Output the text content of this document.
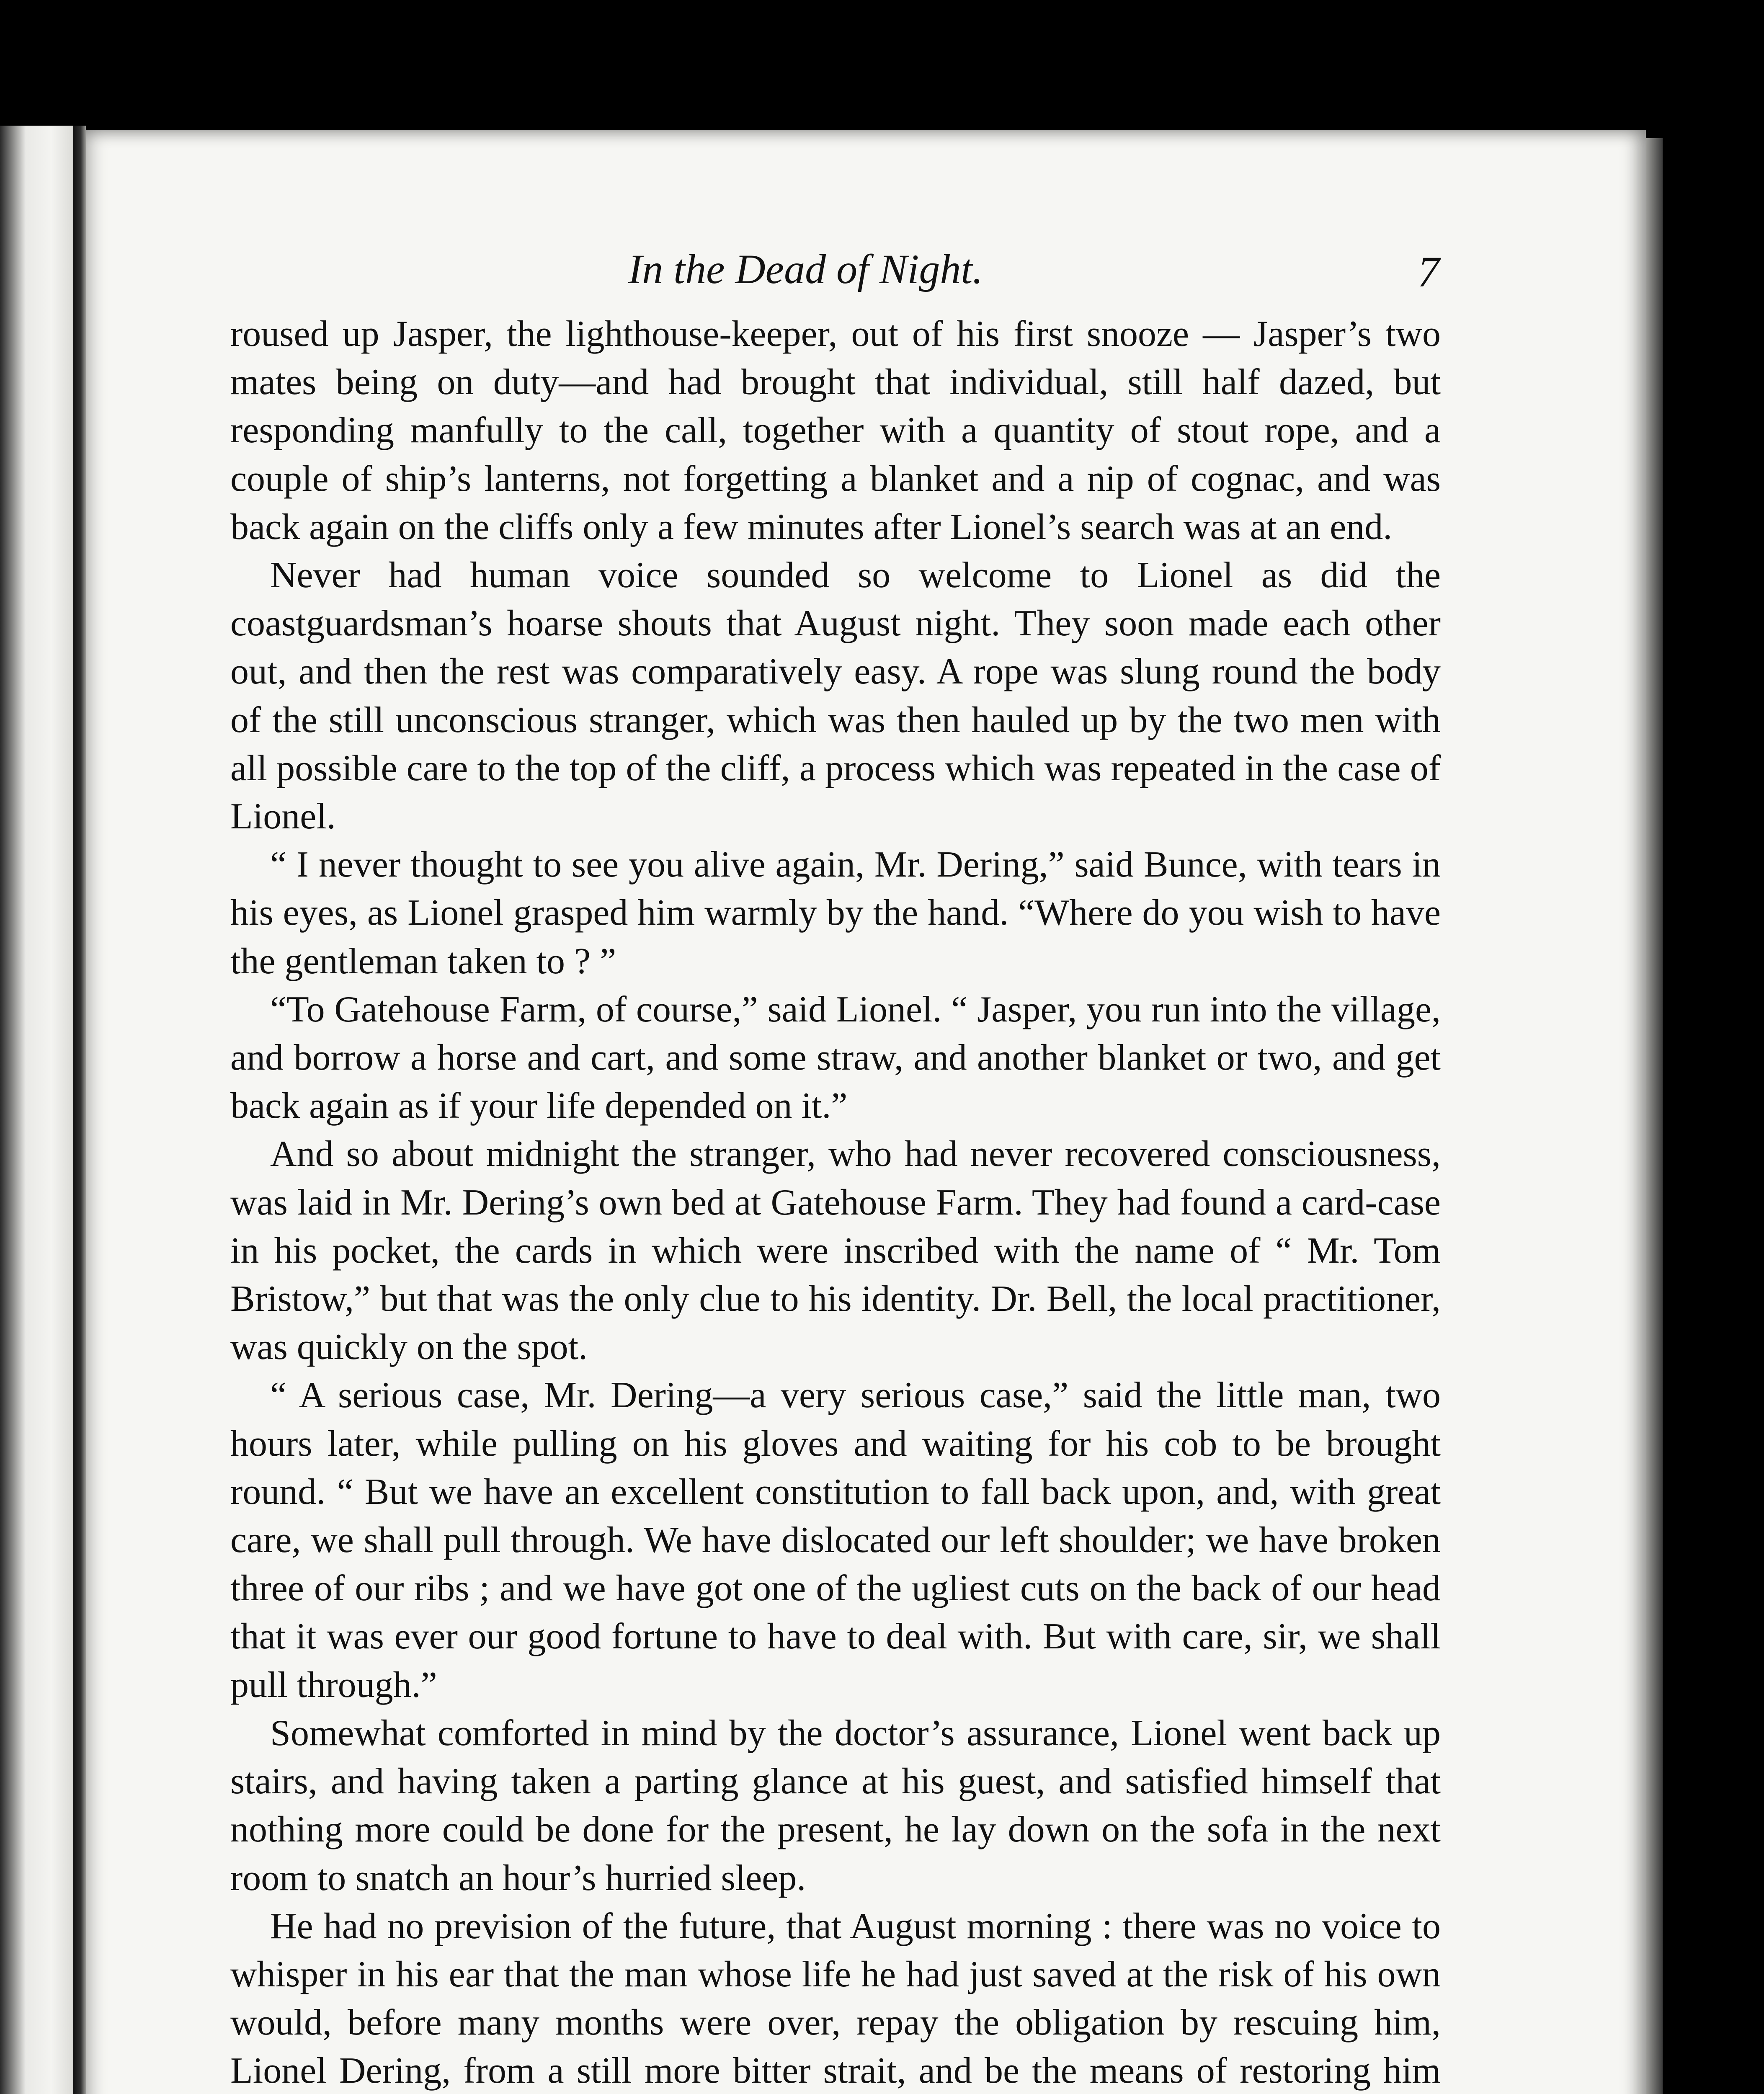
In the Dead of Night.	7

roused up Jasper, the lighthouse-keeper, out of his first snooze — Jasper’s two mates being on duty—and had brought that individual, still half dazed, but responding manfully to the call, together with a quantity of stout rope, and a couple of ship’s lanterns, not forgetting a blanket and a nip of cognac, and was back again on the cliffs only a few minutes after Lionel’s search was at an end.

Never had human voice sounded so welcome to Lionel as did the coastguardsman’s hoarse shouts that August night. They soon made each other out, and then the rest was comparatively easy. A rope was slung round the body of the still unconscious stranger, which was then hauled up by the two men with all possible care to the top of the cliff, a process which was repeated in the case of Lionel.

“ I never thought to see you alive again, Mr. Dering,” said Bunce, with tears in his eyes, as Lionel grasped him warmly by the hand. “Where do you wish to have the gentleman taken to ? ”

“To Gatehouse Farm, of course,” said Lionel. “ Jasper, you run into the village, and borrow a horse and cart, and some straw, and another blanket or two, and get back again as if your life depended on it.”

And so about midnight the stranger, who had never recovered consciousness, was laid in Mr. Dering’s own bed at Gatehouse Farm. They had found a card-case in his pocket, the cards in which were inscribed with the name of “ Mr. Tom Bristow,” but that was the only clue to his identity. Dr. Bell, the local practitioner, was quickly on the spot.

“ A serious case, Mr. Dering—a very serious case,” said the little man, two hours later, while pulling on his gloves and waiting for his cob to be brought round. “ But we have an excellent constitution to fall back upon, and, with great care, we shall pull through. We have dislocated our left shoulder; we have broken three of our ribs ; and we have got one of the ugliest cuts on the back of our head that it was ever our good fortune to have to deal with. But with care, sir, we shall pull through.”

Somewhat comforted in mind by the doctor’s assurance, Lionel went back up stairs, and having taken a parting glance at his guest, and satisfied himself that nothing more could be done for the present, he lay down on the sofa in the next room to snatch an hour’s hurried sleep.

He had no prevision of the future, that August morning : there was no voice to whisper in his ear that the man whose life he had just saved at the risk of his own would, before many months were over, repay the obligation by rescuing him, Lionel Dering, from a still more bitter strait, and be the means of restoring him
